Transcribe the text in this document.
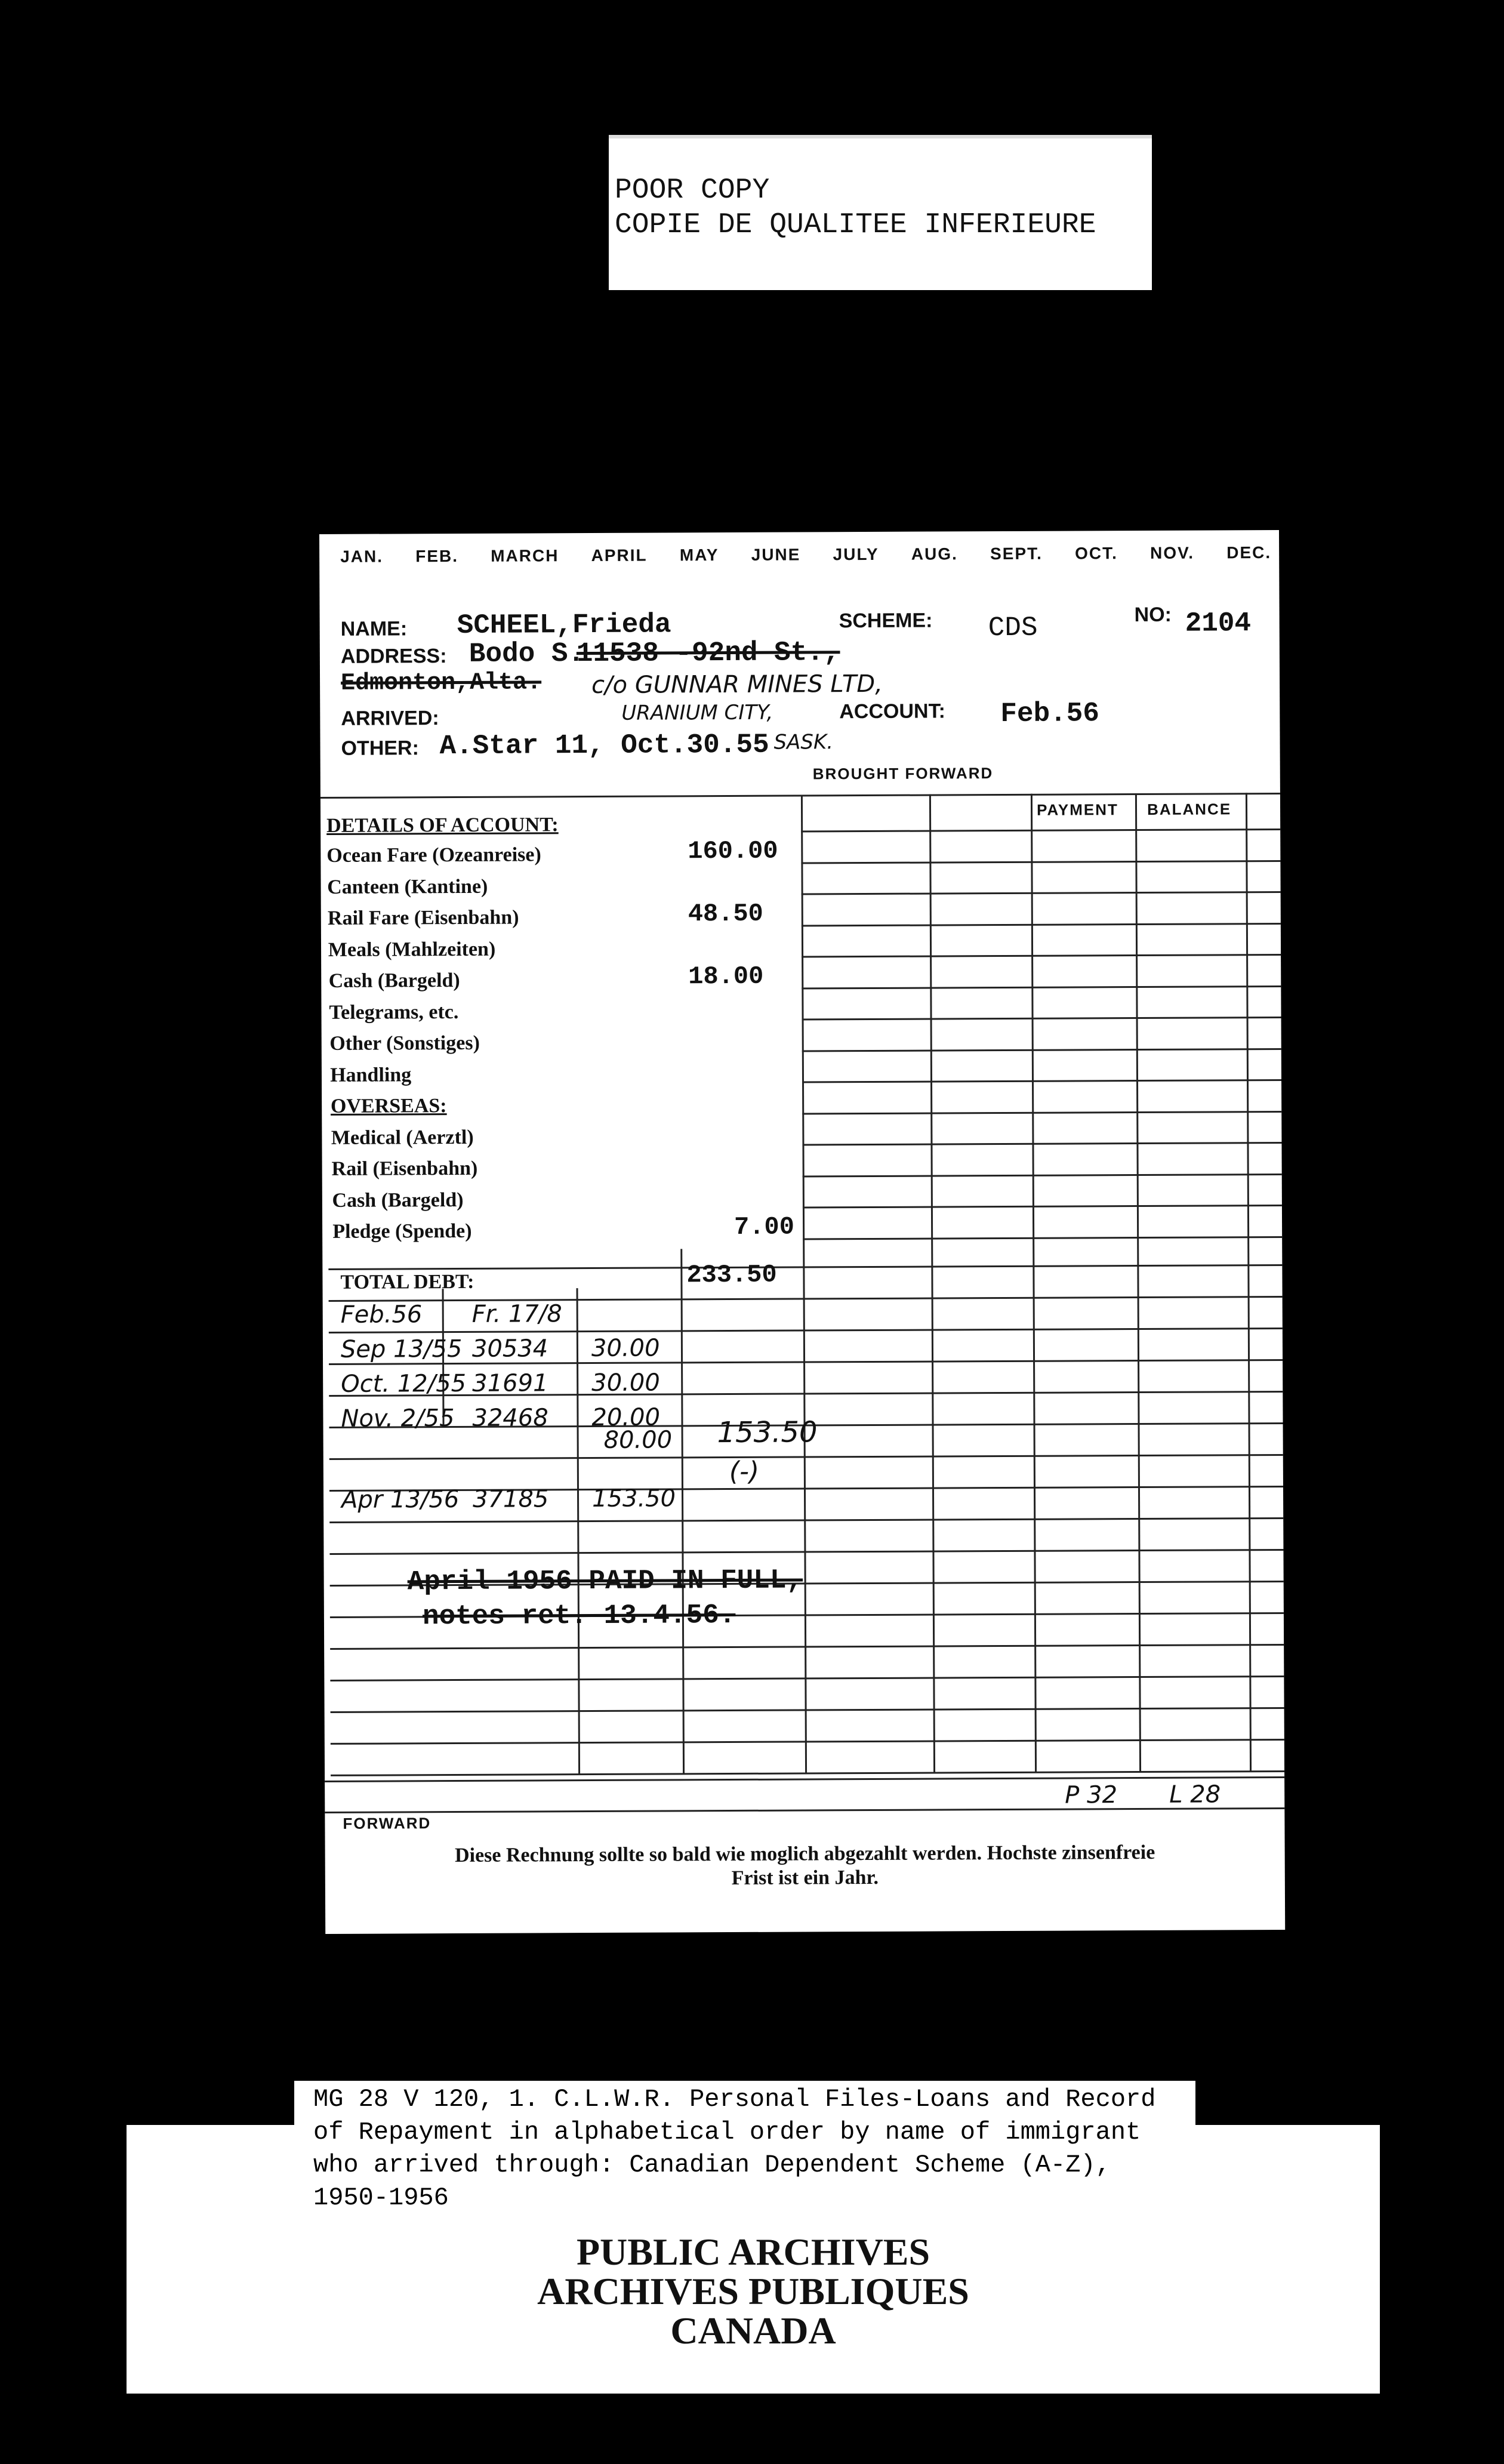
POOR COPY
COPIE DE QUALITEE INFERIEURE
JAN. FEB. MARCH APRIL MAY JUNE JULY AUG. SEPT. OCT. NOV. DEC.
NAME: SCHEEL,Frieda	SCHEME: CDS	NO: 2104
ADDRESS: Bodo S.
11538 -92nd St.,
Edmonton,Alta. c/o GUNNAR MINES LTD,
URANIUM CITY,
SASK.
ARRIVED:	ACCOUNT: Feb.56
OTHER: A.Star 11, Oct.30.55
BROUGHT FORWARD
PAYMENT BALANCE
DETAILS OF ACCOUNT:
Ocean Fare (Ozeanreise)	160.00
Canteen (Kantine)
Rail Fare (Eisenbahn)	48.50
Meals (Mahlzeiten)
Cash (Bargeld)	18.00
Telegrams, etc.
Other (Sonstiges)
Handling
OVERSEAS:
Medical (Aerztl)
Rail (Eisenbahn)
Cash (Bargeld)
Pledge (Spende)	7.00
TOTAL DEBT:	233.50
Feb.56 Fr. 17/8
Sep 13/55 30534 30.00
Oct. 12/55 31691 30.00
Nov. 2/55 32468 20.00
80.00
Apr 13/56 37185 153.50
153.50
(-)
April 1956 PAID IN FULL,
notes ret. 13.4.56.
P 32 L 28
FORWARD
Diese Rechnung sollte so bald wie moglich abgezahlt werden. Hochste zinsenfreie
Frist ist ein Jahr.
MG 28 V 120, 1. C.L.W.R. Personal Files-Loans and Record
of Repayment in alphabetical order by name of immigrant
who arrived through: Canadian Dependent Scheme (A-Z),
1950-1956
PUBLIC ARCHIVES
ARCHIVES PUBLIQUES
CANADA
